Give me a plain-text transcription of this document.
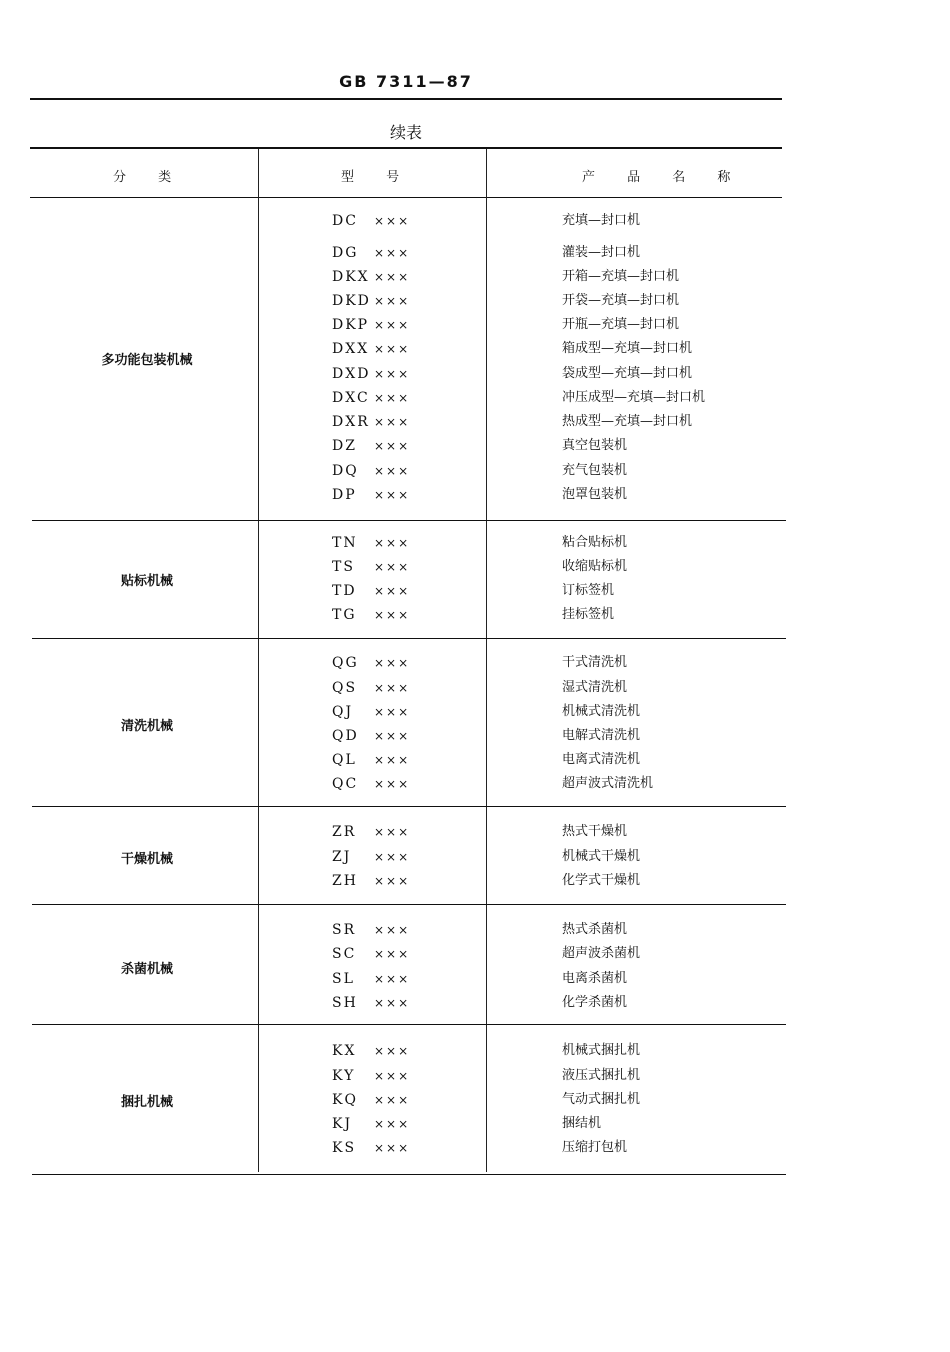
GB 7311—87
续表
分 类	型 号	产 品 名 称
多功能包装机械
DC ×××	充填—封口机
DG ×××	灌装—封口机
DKX ×××	开箱—充填—封口机
DKD ×××	开袋—充填—封口机
DKP ×××	开瓶—充填—封口机
DXX ×××	箱成型—充填—封口机
DXD ×××	袋成型—充填—封口机
DXC ×××	冲压成型—充填—封口机
DXR ×××	热成型—充填—封口机
DZ ×××	真空包装机
DQ ×××	充气包装机
DP ×××	泡罩包装机
贴标机械
TN ×××	粘合贴标机
TS ×××	收缩贴标机
TD ×××	订标签机
TG ×××	挂标签机
清洗机械
QG ×××	干式清洗机
QS ×××	湿式清洗机
QJ ×××	机械式清洗机
QD ×××	电解式清洗机
QL ×××	电离式清洗机
QC ×××	超声波式清洗机
干燥机械
ZR ×××	热式干燥机
ZJ ×××	机械式干燥机
ZH ×××	化学式干燥机
杀菌机械
SR ×××	热式杀菌机
SC ×××	超声波杀菌机
SL ×××	电离杀菌机
SH ×××	化学杀菌机
捆扎机械
KX ×××	机械式捆扎机
KY ×××	液压式捆扎机
KQ ×××	气动式捆扎机
KJ ×××	捆结机
KS ×××	压缩打包机
